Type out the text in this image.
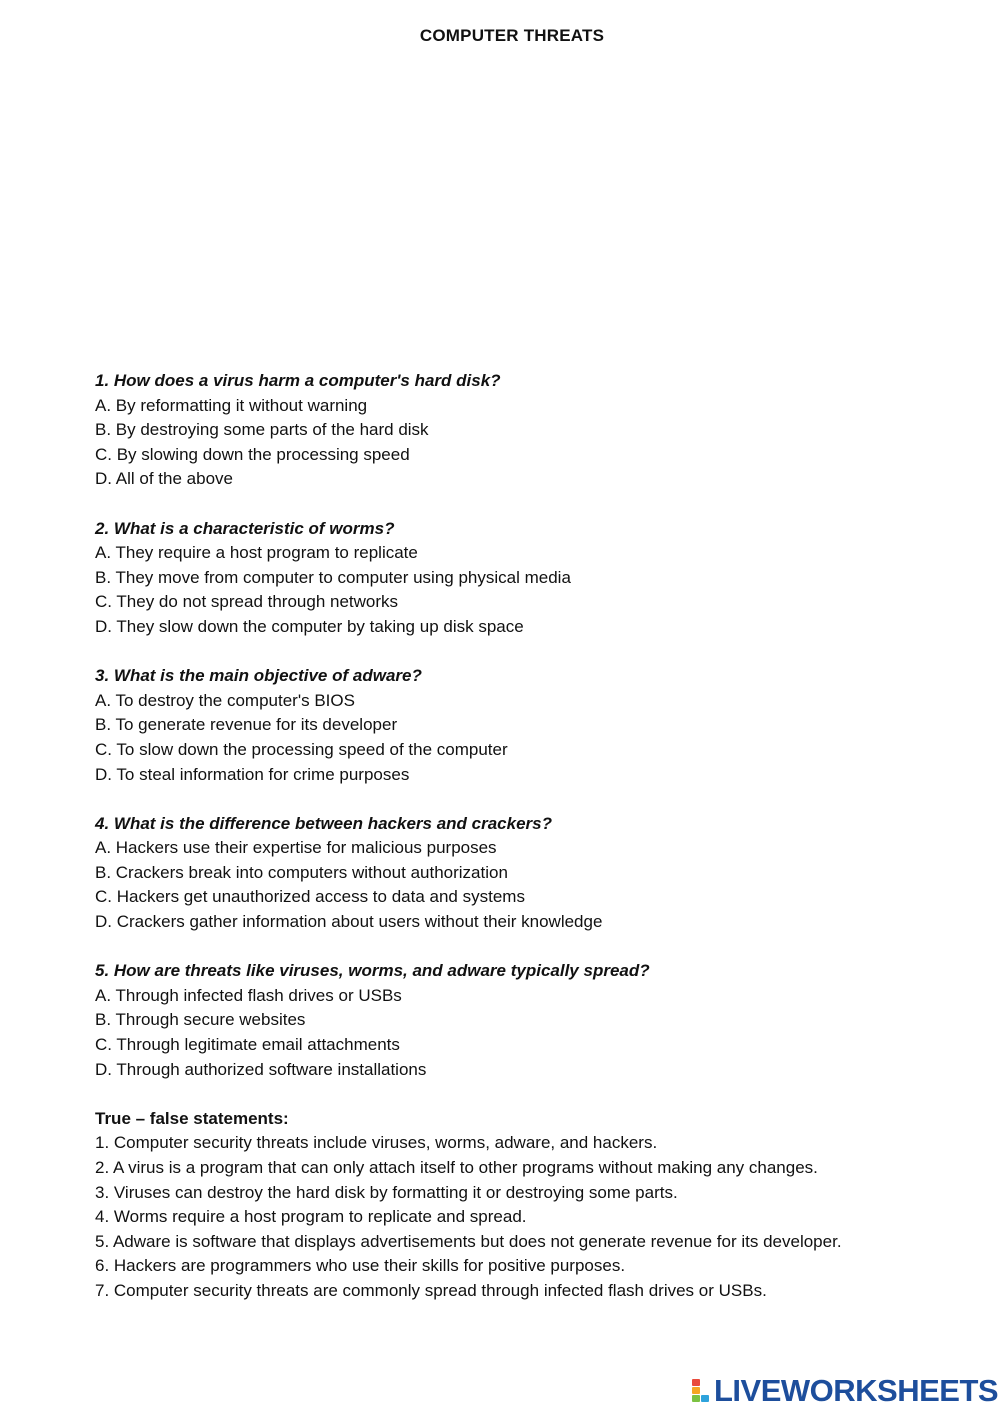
COMPUTER THREATS
1. How does a virus harm a computer's hard disk?
A. By reformatting it without warning
B. By destroying some parts of the hard disk
C. By slowing down the processing speed
D. All of the above
2. What is a characteristic of worms?
A. They require a host program to replicate
B. They move from computer to computer using physical media
C. They do not spread through networks
D. They slow down the computer by taking up disk space
3. What is the main objective of adware?
A. To destroy the computer's BIOS
B. To generate revenue for its developer
C. To slow down the processing speed of the computer
D. To steal information for crime purposes
4. What is the difference between hackers and crackers?
A. Hackers use their expertise for malicious purposes
B. Crackers break into computers without authorization
C. Hackers get unauthorized access to data and systems
D. Crackers gather information about users without their knowledge
5. How are threats like viruses, worms, and adware typically spread?
A. Through infected flash drives or USBs
B. Through secure websites
C. Through legitimate email attachments
D. Through authorized software installations
True – false statements:
1. Computer security threats include viruses, worms, adware, and hackers.
2. A virus is a program that can only attach itself to other programs without making any changes.
3. Viruses can destroy the hard disk by formatting it or destroying some parts.
4. Worms require a host program to replicate and spread.
5. Adware is software that displays advertisements but does not generate revenue for its developer.
6. Hackers are programmers who use their skills for positive purposes.
7. Computer security threats are commonly spread through infected flash drives or USBs.
LIVEWORKSHEETS
